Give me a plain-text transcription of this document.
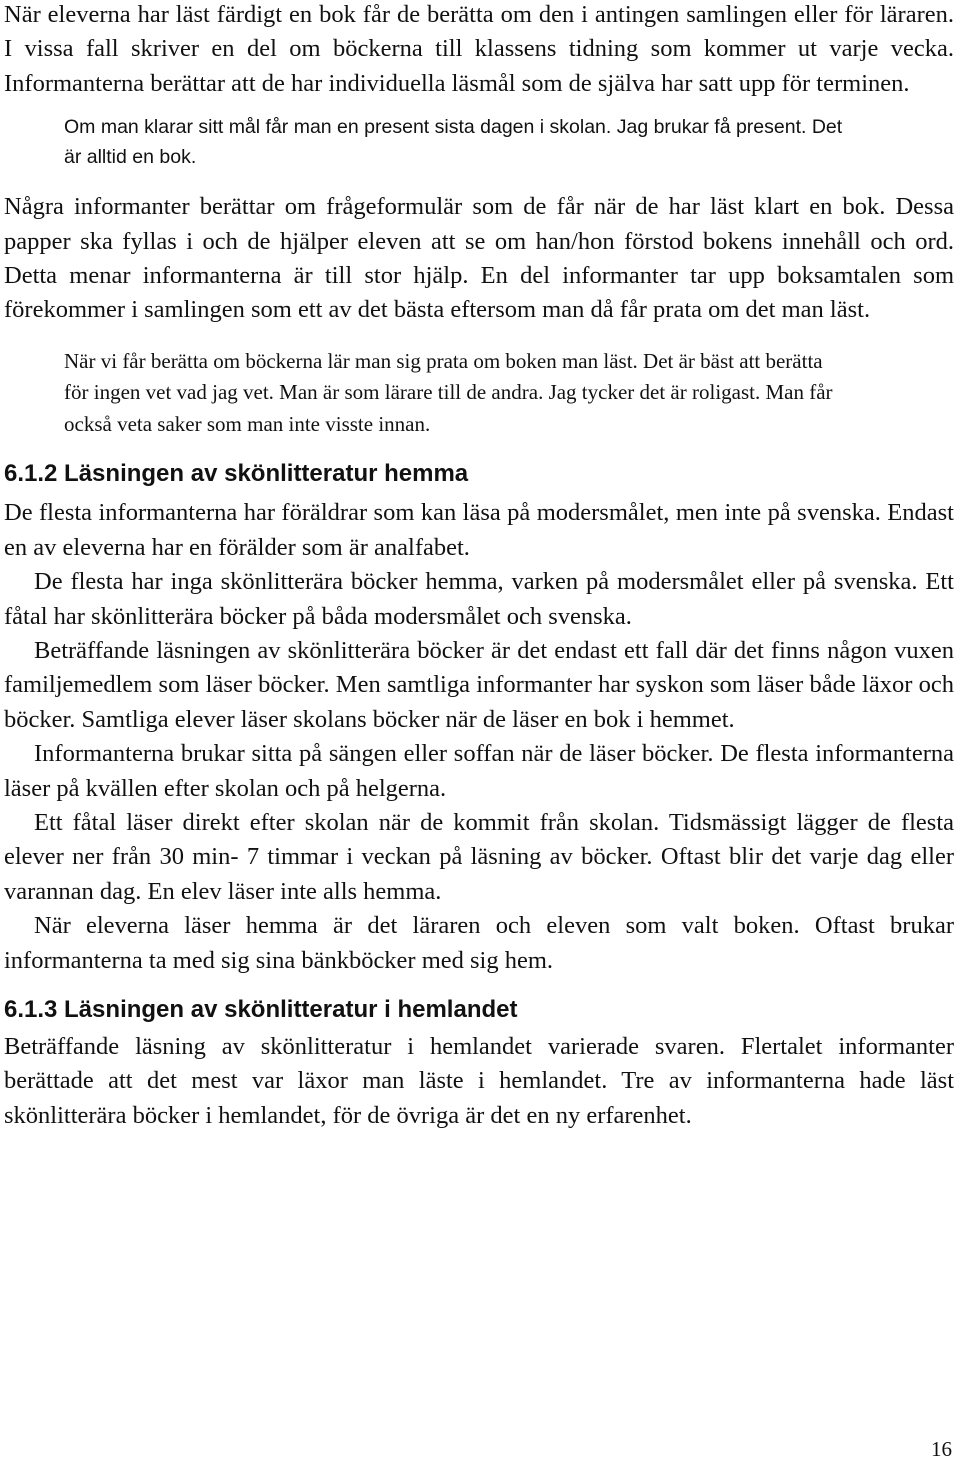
När eleverna har läst färdigt en bok får de berätta om den i antingen samlingen eller för läraren. I vissa fall skriver en del om böckerna till klassens tidning som kommer ut varje vecka. Informanterna berättar att de har individuella läsmål som de själva har satt upp för terminen.

Om man klarar sitt mål får man en present sista dagen i skolan. Jag brukar få present. Det är alltid en bok.

Några informanter berättar om frågeformulär som de får när de har läst klart en bok. Dessa papper ska fyllas i och de hjälper eleven att se om han/hon förstod bokens innehåll och ord. Detta menar informanterna är till stor hjälp. En del informanter tar upp boksamtalen som förekommer i samlingen som ett av det bästa eftersom man då får prata om det man läst.

När vi får berätta om böckerna lär man sig prata om boken man läst. Det är bäst att berätta för ingen vet vad jag vet. Man är som lärare till de andra. Jag tycker det är roligast. Man får också veta saker som man inte visste innan.

6.1.2 Läsningen av skönlitteratur hemma

De flesta informanterna har föräldrar som kan läsa på modersmålet, men inte på svenska. Endast en av eleverna har en förälder som är analfabet.

De flesta har inga skönlitterära böcker hemma, varken på modersmålet eller på svenska. Ett fåtal har skönlitterära böcker på båda modersmålet och svenska.

Beträffande läsningen av skönlitterära böcker är det endast ett fall där det finns någon vuxen familjemedlem som läser böcker. Men samtliga informanter har syskon som läser både läxor och böcker. Samtliga elever läser skolans böcker när de läser en bok i hemmet.

Informanterna brukar sitta på sängen eller soffan när de läser böcker. De flesta informanterna läser på kvällen efter skolan och på helgerna.

Ett fåtal läser direkt efter skolan när de kommit från skolan. Tidsmässigt lägger de flesta elever ner från 30 min- 7 timmar i veckan på läsning av böcker. Oftast blir det varje dag eller varannan dag. En elev läser inte alls hemma.

När eleverna läser hemma är det läraren och eleven som valt boken. Oftast brukar informanterna ta med sig sina bänkböcker med sig hem.

6.1.3 Läsningen av skönlitteratur i hemlandet

Beträffande läsning av skönlitteratur i hemlandet varierade svaren. Flertalet informanter berättade att det mest var läxor man läste i hemlandet. Tre av informanterna hade läst skönlitterära böcker i hemlandet, för de övriga är det en ny erfarenhet.

16
